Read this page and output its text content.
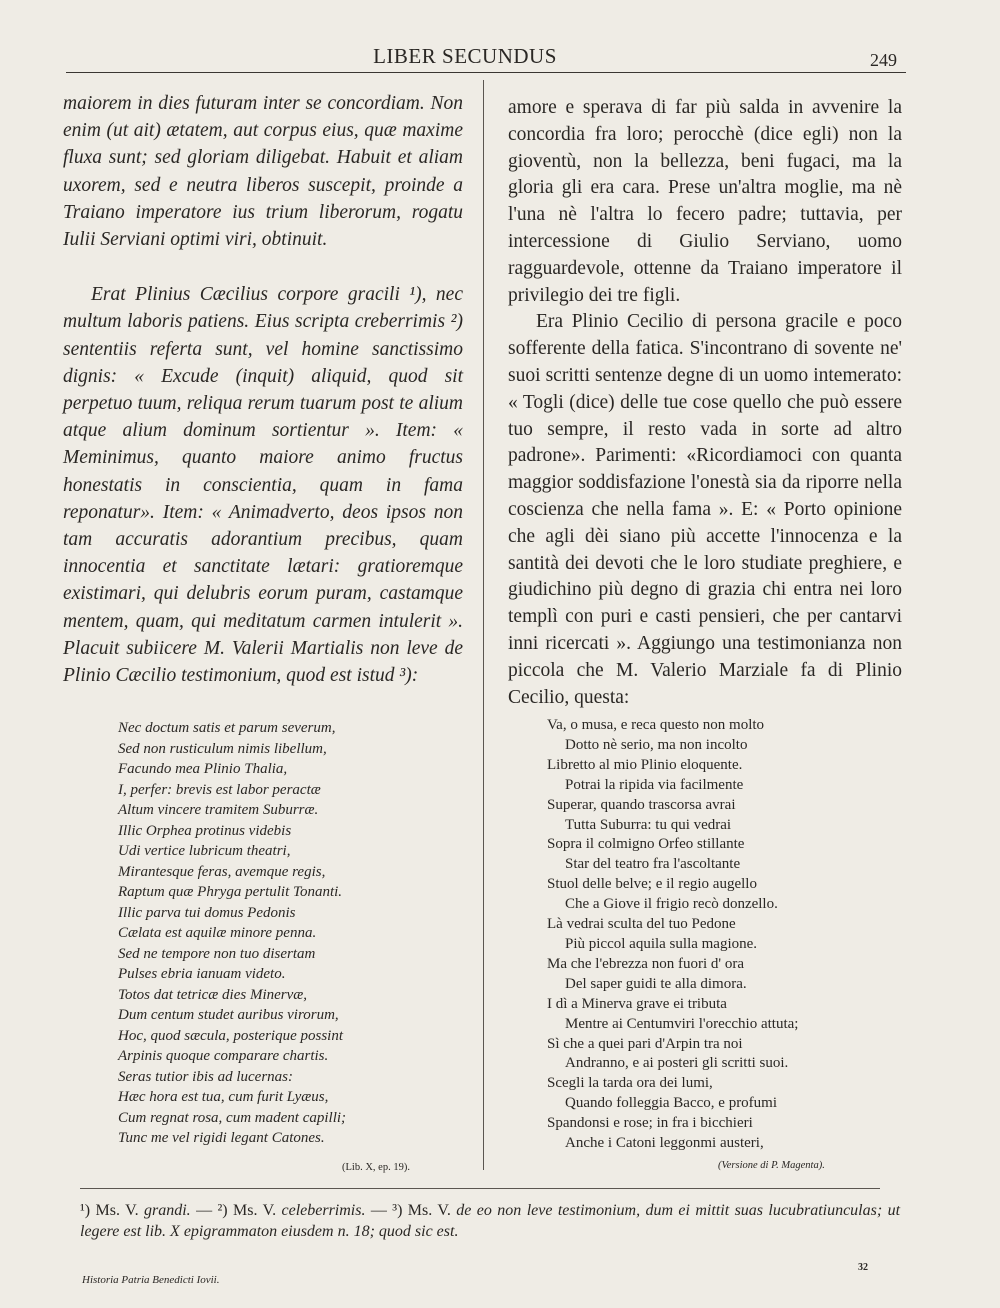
LIBER SECUNDUS	249

maiorem in dies futuram inter se concordiam. Non enim (ut ait) ætatem, aut corpus eius, quæ maxime fluxa sunt; sed gloriam diligebat. Habuit et aliam uxorem, sed e neutra liberos suscepit, proinde a Traiano imperatore ius trium liberorum, rogatu Iulii Serviani optimi viri, obtinuit.

Erat Plinius Cæcilius corpore gracili ¹), nec multum laboris patiens. Eius scripta creberrimis ²) sententiis referta sunt, vel homine sanctissimo dignis: « Excude (inquit) aliquid, quod sit perpetuo tuum, reliqua rerum tuarum post te alium atque alium dominum sortientur ». Item: « Meminimus, quanto maiore animo fructus honestatis in conscientia, quam in fama reponatur». Item: « Animadverto, deos ipsos non tam accuratis adorantium precibus, quam innocentia et sanctitate lætari: gratioremque existimari, qui delubris eorum puram, castamque mentem, quam, qui meditatum carmen intulerit ». Placuit subiicere M. Valerii Martialis non leve de Plinio Cæcilio testimonium, quod est istud ³):

amore e sperava di far più salda in avvenire la concordia fra loro; perocchè (dice egli) non la gioventù, non la bellezza, beni fugaci, ma la gloria gli era cara. Prese un'altra moglie, ma nè l'una nè l'altra lo fecero padre; tuttavia, per intercessione di Giulio Serviano, uomo ragguardevole, ottenne da Traiano imperatore il privilegio dei tre figli.

Era Plinio Cecilio di persona gracile e poco sofferente della fatica. S'incontrano di sovente ne' suoi scritti sentenze degne di un uomo intemerato: « Togli (dice) delle tue cose quello che può essere tuo sempre, il resto vada in sorte ad altro padrone». Parimenti: «Ricordiamoci con quanta maggior soddisfazione l'onestà sia da riporre nella coscienza che nella fama ». E: « Porto opinione che agli dèi siano più accette l'innocenza e la santità dei devoti che le loro studiate preghiere, e giudichino più degno di grazia chi entra nei loro templì con puri e casti pensieri, che per cantarvi inni ricercati ». Aggiungo una testimonianza non piccola che M. Valerio Marziale fa di Plinio Cecilio, questa:

Nec doctum satis et parum severum,
Sed non rusticulum nimis libellum,
Facundo mea Plinio Thalia,
I, perfer: brevis est labor peractæ
Altum vincere tramitem Suburræ.
Illic Orphea protinus videbis
Udi vertice lubricum theatri,
Mirantesque feras, avemque regis,
Raptum quæ Phryga pertulit Tonanti.
Illic parva tui domus Pedonis
Cælata est aquilæ minore penna.
Sed ne tempore non tuo disertam
Pulses ebria ianuam videto.
Totos dat tetricæ dies Minervæ,
Dum centum studet auribus virorum,
Hoc, quod sæcula, posterique possint
Arpinis quoque comparare chartis.
Seras tutior ibis ad lucernas:
Hæc hora est tua, cum furit Lyæus,
Cum regnat rosa, cum madent capilli;
Tunc me vel rigidi legant Catones.
Va, o musa, e reca questo non molto
Dotto nè serio, ma non incolto
Libretto al mio Plinio eloquente.
Potrai la ripida via facilmente
Superar, quando trascorsa avrai
Tutta Suburra: tu qui vedrai
Sopra il colmigno Orfeo stillante
Star del teatro fra l'ascoltante
Stuol delle belve; e il regio augello
Che a Giove il frigio recò donzello.
Là vedrai sculta del tuo Pedone
Più piccol aquila sulla magione.
Ma che l'ebrezza non fuori d' ora
Del saper guidi te alla dimora.
I dì a Minerva grave ei tributa
Mentre ai Centumviri l'orecchio attuta;
Sì che a quei pari d'Arpin tra noi
Andranno, e ai posteri gli scritti suoi.
Scegli la tarda ora dei lumi,
Quando folleggia Bacco, e profumi
Spandonsi e rose; in fra i bicchieri
Anche i Catoni leggonmi austeri,
(Lib. X, ep. 19).	(Versione di P. Magenta).
¹) Ms. V. grandi. — ²) Ms. V. celeberrimis. — ³) Ms. V. de eo non leve testimonium, dum ei mittit suas lucubratiunculas; ut legere est lib. X epigrammaton eiusdem n. 18; quod sic est.
Historia Patria Benedicti Iovii.
32
